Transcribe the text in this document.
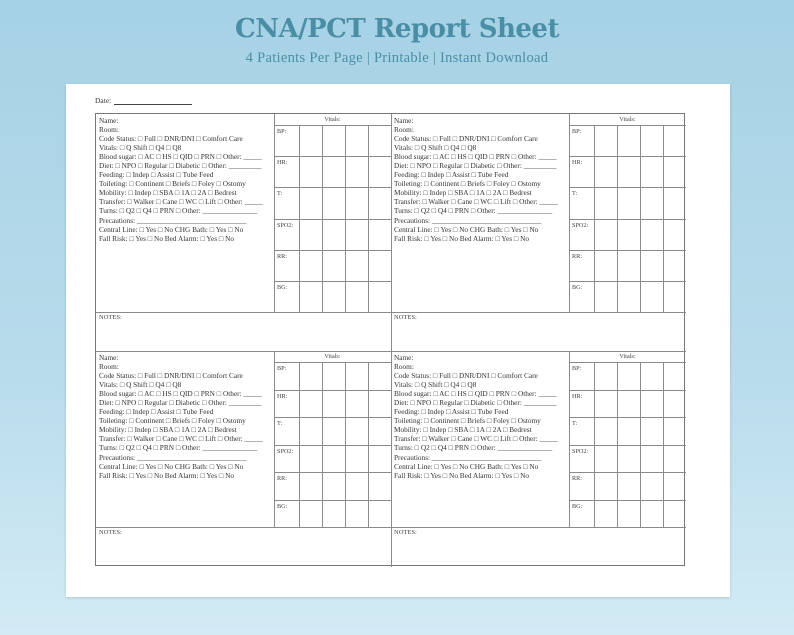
CNA/PCT Report Sheet
4 Patients Per Page | Printable | Instant Download
Date:
Name:
Room:
Code Status: □ Full □ DNR/DNI □ Comfort Care
Vitals: □ Q Shift □ Q4 □ Q8
Blood sugar: □ AC □ HS □ QID □ PRN □ Other: _____
Diet: □ NPO □ Regular □ Diabetic □ Other: _________
Feeding: □ Indep □ Assist □ Tube Feed
Toileting: □ Continent □ Briefs □ Foley □ Ostomy
Mobility: □ Indep □ SBA □ 1A □ 2A □ Bedrest
Transfer: □ Walker □ Cane □ WC □ Lift □ Other: _____
Turns: □ Q2 □ Q4 □ PRN □ Other: _______________
Precautions: ______________________________
Central Line: □ Yes □ No CHG Bath: □ Yes □ No
Fall Risk: □ Yes □ No Bed Alarm: □ Yes □ No
Vitals:
BP:
HR:
T:
SPO2:
RR:
BG:
NOTES:
Name:
Room:
Code Status: □ Full □ DNR/DNI □ Comfort Care
Vitals: □ Q Shift □ Q4 □ Q8
Blood sugar: □ AC □ HS □ QID □ PRN □ Other: _____
Diet: □ NPO □ Regular □ Diabetic □ Other: _________
Feeding: □ Indep □ Assist □ Tube Feed
Toileting: □ Continent □ Briefs □ Foley □ Ostomy
Mobility: □ Indep □ SBA □ 1A □ 2A □ Bedrest
Transfer: □ Walker □ Cane □ WC □ Lift □ Other: _____
Turns: □ Q2 □ Q4 □ PRN □ Other: _______________
Precautions: ______________________________
Central Line: □ Yes □ No CHG Bath: □ Yes □ No
Fall Risk: □ Yes □ No Bed Alarm: □ Yes □ No
Vitals:
BP:
HR:
T:
SPO2:
RR:
BG:
NOTES:
Name:
Room:
Code Status: □ Full □ DNR/DNI □ Comfort Care
Vitals: □ Q Shift □ Q4 □ Q8
Blood sugar: □ AC □ HS □ QID □ PRN □ Other: _____
Diet: □ NPO □ Regular □ Diabetic □ Other: _________
Feeding: □ Indep □ Assist □ Tube Feed
Toileting: □ Continent □ Briefs □ Foley □ Ostomy
Mobility: □ Indep □ SBA □ 1A □ 2A □ Bedrest
Transfer: □ Walker □ Cane □ WC □ Lift □ Other: _____
Turns: □ Q2 □ Q4 □ PRN □ Other: _______________
Precautions: ______________________________
Central Line: □ Yes □ No CHG Bath: □ Yes □ No
Fall Risk: □ Yes □ No Bed Alarm: □ Yes □ No
Vitals:
BP:
HR:
T:
SPO2:
RR:
BG:
NOTES:
Name:
Room:
Code Status: □ Full □ DNR/DNI □ Comfort Care
Vitals: □ Q Shift □ Q4 □ Q8
Blood sugar: □ AC □ HS □ QID □ PRN □ Other: _____
Diet: □ NPO □ Regular □ Diabetic □ Other: _________
Feeding: □ Indep □ Assist □ Tube Feed
Toileting: □ Continent □ Briefs □ Foley □ Ostomy
Mobility: □ Indep □ SBA □ 1A □ 2A □ Bedrest
Transfer: □ Walker □ Cane □ WC □ Lift □ Other: _____
Turns: □ Q2 □ Q4 □ PRN □ Other: _______________
Precautions: ______________________________
Central Line: □ Yes □ No CHG Bath: □ Yes □ No
Fall Risk: □ Yes □ No Bed Alarm: □ Yes □ No
Vitals:
BP:
HR:
T:
SPO2:
RR:
BG:
NOTES:
